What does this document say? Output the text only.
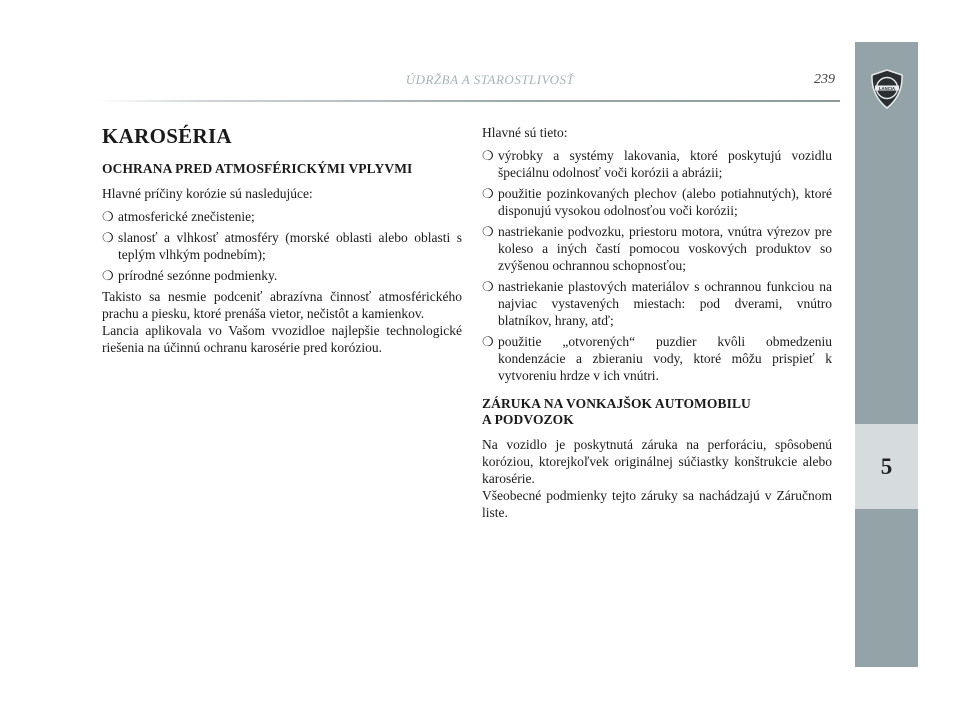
LANCIA
5
ÚDRŽBA A STAROSTLIVOSŤ	239
KAROSÉRIA
OCHRANA PRED ATMOSFÉRICKÝMI VPLYVMI

Hlavné príčiny korózie sú nasledujúce:

❍ atmosferické znečistenie;
❍ slanosť a vlhkosť atmosféry (morské oblasti alebo oblasti s teplým vlhkým podnebím);
❍ prírodné sezónne podmienky.

Takisto sa nesmie podceniť abrazívna činnosť atmosférického prachu a piesku, ktoré prenáša vietor, nečistôt a kamienkov.

Lancia aplikovala vo Vašom vvozidloe najlepšie technologické riešenia na účinnú ochranu karosérie pred koróziou.

Hlavné sú tieto:

❍ výrobky a systémy lakovania, ktoré poskytujú vozidlu špeciálnu odolnosť voči korózii a abrázii;
❍ použitie pozinkovaných plechov (alebo potiahnutých), ktoré disponujú vysokou odolnosťou voči korózii;
❍ nastriekanie podvozku, priestoru motora, vnútra výrezov pre koleso a iných častí pomocou voskových produktov so zvýšenou ochrannou schopnosťou;
❍ nastriekanie plastových materiálov s ochrannou funkciou na najviac vystavených miestach: pod dverami, vnútro blatníkov, hrany, atď;
❍ použitie „otvorených“ puzdier kvôli obmedzeniu kondenzácie a zbieraniu vody, ktoré môžu prispieť k vytvoreniu hrdze v ich vnútri.
ZÁRUKA NA VONKAJŠOK AUTOMOBILU
A PODVOZOK

Na vozidlo je poskytnutá záruka na perforáciu, spôsobenú koróziou, ktorejkoľvek originálnej súčiastky konštrukcie alebo karosérie.

Všeobecné podmienky tejto záruky sa nachádzajú v Záručnom liste.
